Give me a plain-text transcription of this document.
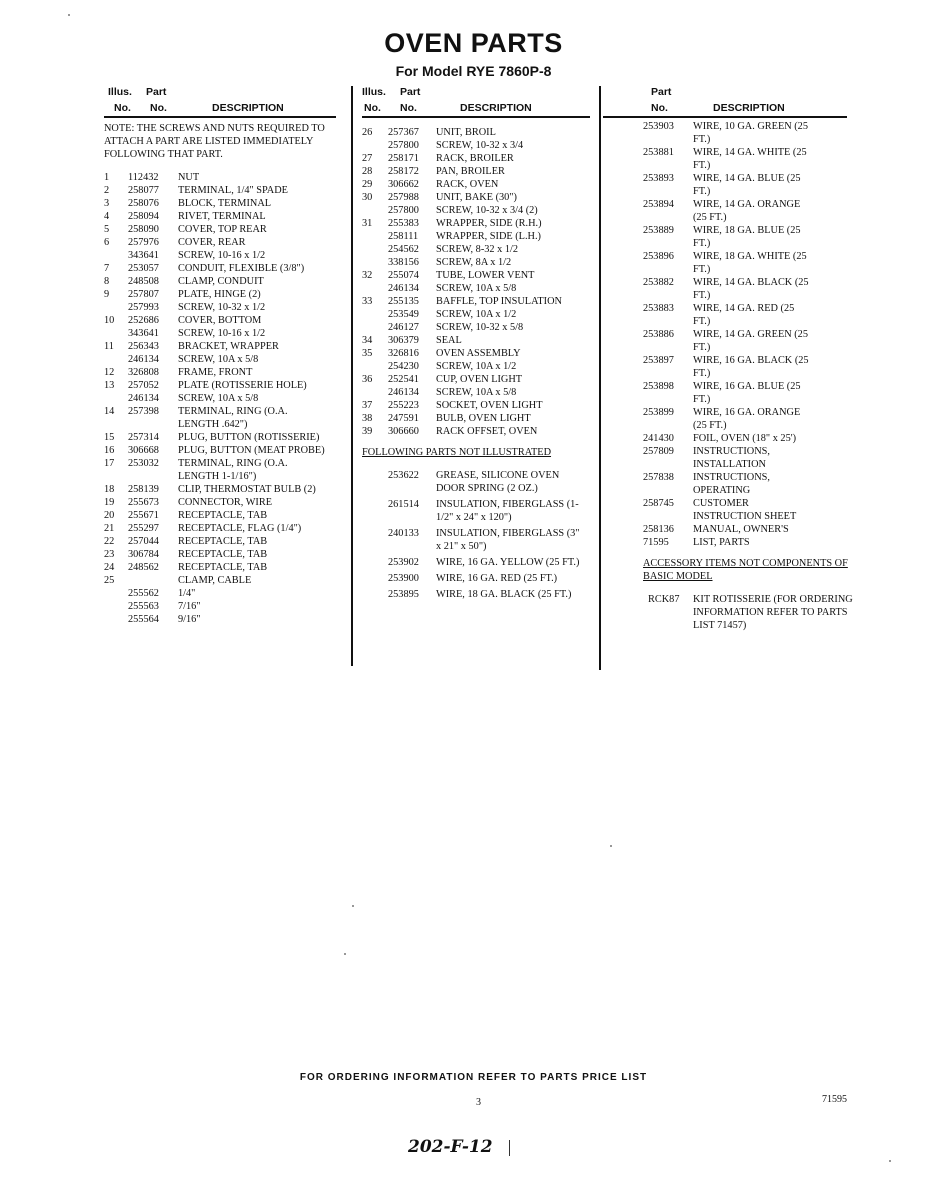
OVEN PARTS
For Model RYE 7860P-8
Illus. Part
No. No.	DESCRIPTION
NOTE: THE SCREWS AND NUTS REQUIRED TO ATTACH A PART ARE LISTED IMMEDIATELY FOLLOWING THAT PART.
1	112432	NUT
2	258077	TERMINAL, 1/4" SPADE
3	258076	BLOCK, TERMINAL
4	258094	RIVET, TERMINAL
5	258090	COVER, TOP REAR
6	257976	COVER, REAR
343641	SCREW, 10-16 x 1/2
7	253057	CONDUIT, FLEXIBLE (3/8")
8	248508	CLAMP, CONDUIT
9	257807	PLATE, HINGE (2)
257993	SCREW, 10-32 x 1/2
10	252686	COVER, BOTTOM
343641	SCREW, 10-16 x 1/2
11	256343	BRACKET, WRAPPER
246134	SCREW, 10A x 5/8
12	326808	FRAME, FRONT
13	257052	PLATE (ROTISSERIE HOLE)
246134	SCREW, 10A x 5/8
14	257398	TERMINAL, RING (O.A. LENGTH .642")
15	257314	PLUG, BUTTON (ROTISSERIE)
16	306668	PLUG, BUTTON (MEAT PROBE)
17	253032	TERMINAL, RING (O.A. LENGTH 1-1/16")
18	258139	CLIP, THERMOSTAT BULB (2)
19	255673	CONNECTOR, WIRE
20	255671	RECEPTACLE, TAB
21	255297	RECEPTACLE, FLAG (1/4")
22	257044	RECEPTACLE, TAB
23	306784	RECEPTACLE, TAB
24	248562	RECEPTACLE, TAB
25	CLAMP, CABLE
255562	1/4"
255563	7/16"
255564	9/16"
Illus. Part
No. No.	DESCRIPTION
26	257367	UNIT, BROIL
257800	SCREW, 10-32 x 3/4
27	258171	RACK, BROILER
28	258172	PAN, BROILER
29	306662	RACK, OVEN
30	257988	UNIT, BAKE (30")
257800	SCREW, 10-32 x 3/4 (2)
31	255383	WRAPPER, SIDE (R.H.)
258111	WRAPPER, SIDE (L.H.)
254562	SCREW, 8-32 x 1/2
338156	SCREW, 8A x 1/2
32	255074	TUBE, LOWER VENT
246134	SCREW, 10A x 5/8
33	255135	BAFFLE, TOP INSULATION
253549	SCREW, 10A x 1/2
246127	SCREW, 10-32 x 5/8
34	306379	SEAL
35	326816	OVEN ASSEMBLY
254230	SCREW, 10A x 1/2
36	252541	CUP, OVEN LIGHT
246134	SCREW, 10A x 5/8
37	255223	SOCKET, OVEN LIGHT
38	247591	BULB, OVEN LIGHT
39	306660	RACK OFFSET, OVEN
FOLLOWING PARTS NOT ILLUSTRATED
253622	GREASE, SILICONE OVEN DOOR SPRING (2 OZ.)
261514	INSULATION, FIBERGLASS (1-1/2" x 24" x 120")
240133	INSULATION, FIBERGLASS (3" x 21" x 50")
253902	WIRE, 16 GA. YELLOW (25 FT.)
253900	WIRE, 16 GA. RED (25 FT.)
253895	WIRE, 18 GA. BLACK (25 FT.)
Part
No.	DESCRIPTION
253903	WIRE, 10 GA. GREEN (25 FT.)
253881	WIRE, 14 GA. WHITE (25 FT.)
253893	WIRE, 14 GA. BLUE (25 FT.)
253894	WIRE, 14 GA. ORANGE (25 FT.)
253889	WIRE, 18 GA. BLUE (25 FT.)
253896	WIRE, 18 GA. WHITE (25 FT.)
253882	WIRE, 14 GA. BLACK (25 FT.)
253883	WIRE, 14 GA. RED (25 FT.)
253886	WIRE, 14 GA. GREEN (25 FT.)
253897	WIRE, 16 GA. BLACK (25 FT.)
253898	WIRE, 16 GA. BLUE (25 FT.)
253899	WIRE, 16 GA. ORANGE (25 FT.)
241430	FOIL, OVEN (18" x 25')
257809	INSTRUCTIONS, INSTALLATION
257838	INSTRUCTIONS, OPERATING
258745	CUSTOMER INSTRUCTION SHEET
258136	MANUAL, OWNER'S
71595	LIST, PARTS
ACCESSORY ITEMS NOT COMPONENTS OF BASIC MODEL
RCK87	KIT ROTISSERIE (FOR ORDERING INFORMATION REFER TO PARTS LIST 71457)
FOR ORDERING INFORMATION REFER TO PARTS PRICE LIST
3	71595
202-F-12
